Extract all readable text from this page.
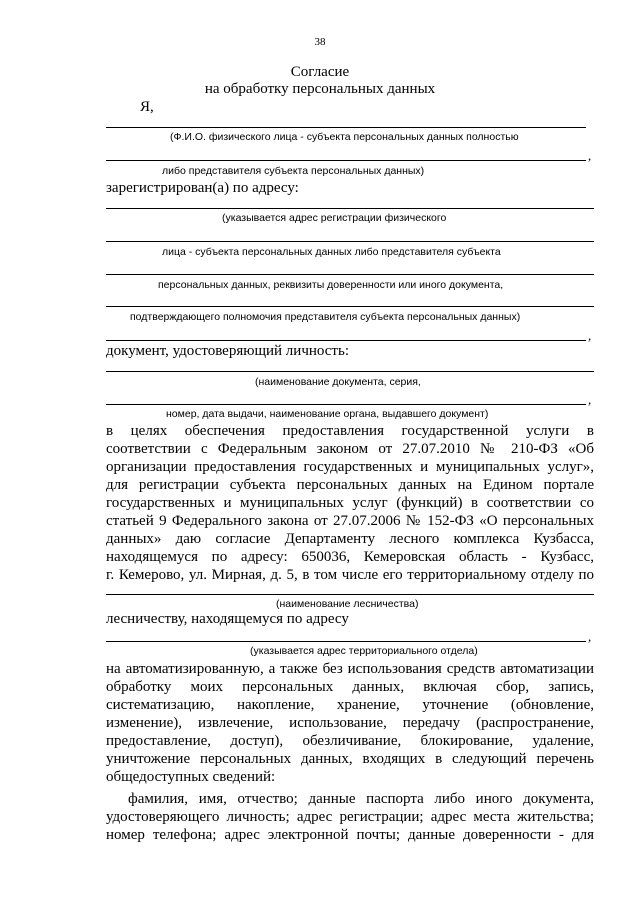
38
Согласие
на обработку персональных данных
Я,
(Ф.И.О. физического лица - субъекта персональных данных полностью
,
либо представителя субъекта персональных данных)
зарегистрирован(а) по адресу:
(указывается адрес регистрации физического
лица - субъекта персональных данных либо представителя субъекта
персональных данных, реквизиты доверенности или иного документа,
подтверждающего полномочия представителя субъекта персональных данных)
,
документ, удостоверяющий личность:
(наименование документа, серия,
,
номер, дата выдачи, наименование органа, выдавшего документ)
в целях обеспечения предоставления государственной услуги в
соответствии с Федеральным законом от 27.07.2010 № 210-ФЗ «Об
организации предоставления государственных и муниципальных услуг»,
для регистрации субъекта персональных данных на Едином портале
государственных и муниципальных услуг (функций) в соответствии со
статьей 9 Федерального закона от 27.07.2006 № 152-ФЗ «О персональных
данных» даю согласие Департаменту лесного комплекса Кузбасса,
находящемуся по адресу: 650036, Кемеровская область - Кузбасс,
г. Кемерово, ул. Мирная, д. 5, в том числе его территориальному отделу по
(наименование лесничества)
лесничеству, находящемуся по адресу
,
(указывается адрес территориального отдела)
на автоматизированную, а также без использования средств автоматизации
обработку моих персональных данных, включая сбор, запись,
систематизацию, накопление, хранение, уточнение (обновление,
изменение), извлечение, использование, передачу (распространение,
предоставление, доступ), обезличивание, блокирование, удаление,
уничтожение персональных данных, входящих в следующий перечень
общедоступных сведений:
фамилия, имя, отчество; данные паспорта либо иного документа,
удостоверяющего личность; адрес регистрации; адрес места жительства;
номер телефона; адрес электронной почты; данные доверенности - для
